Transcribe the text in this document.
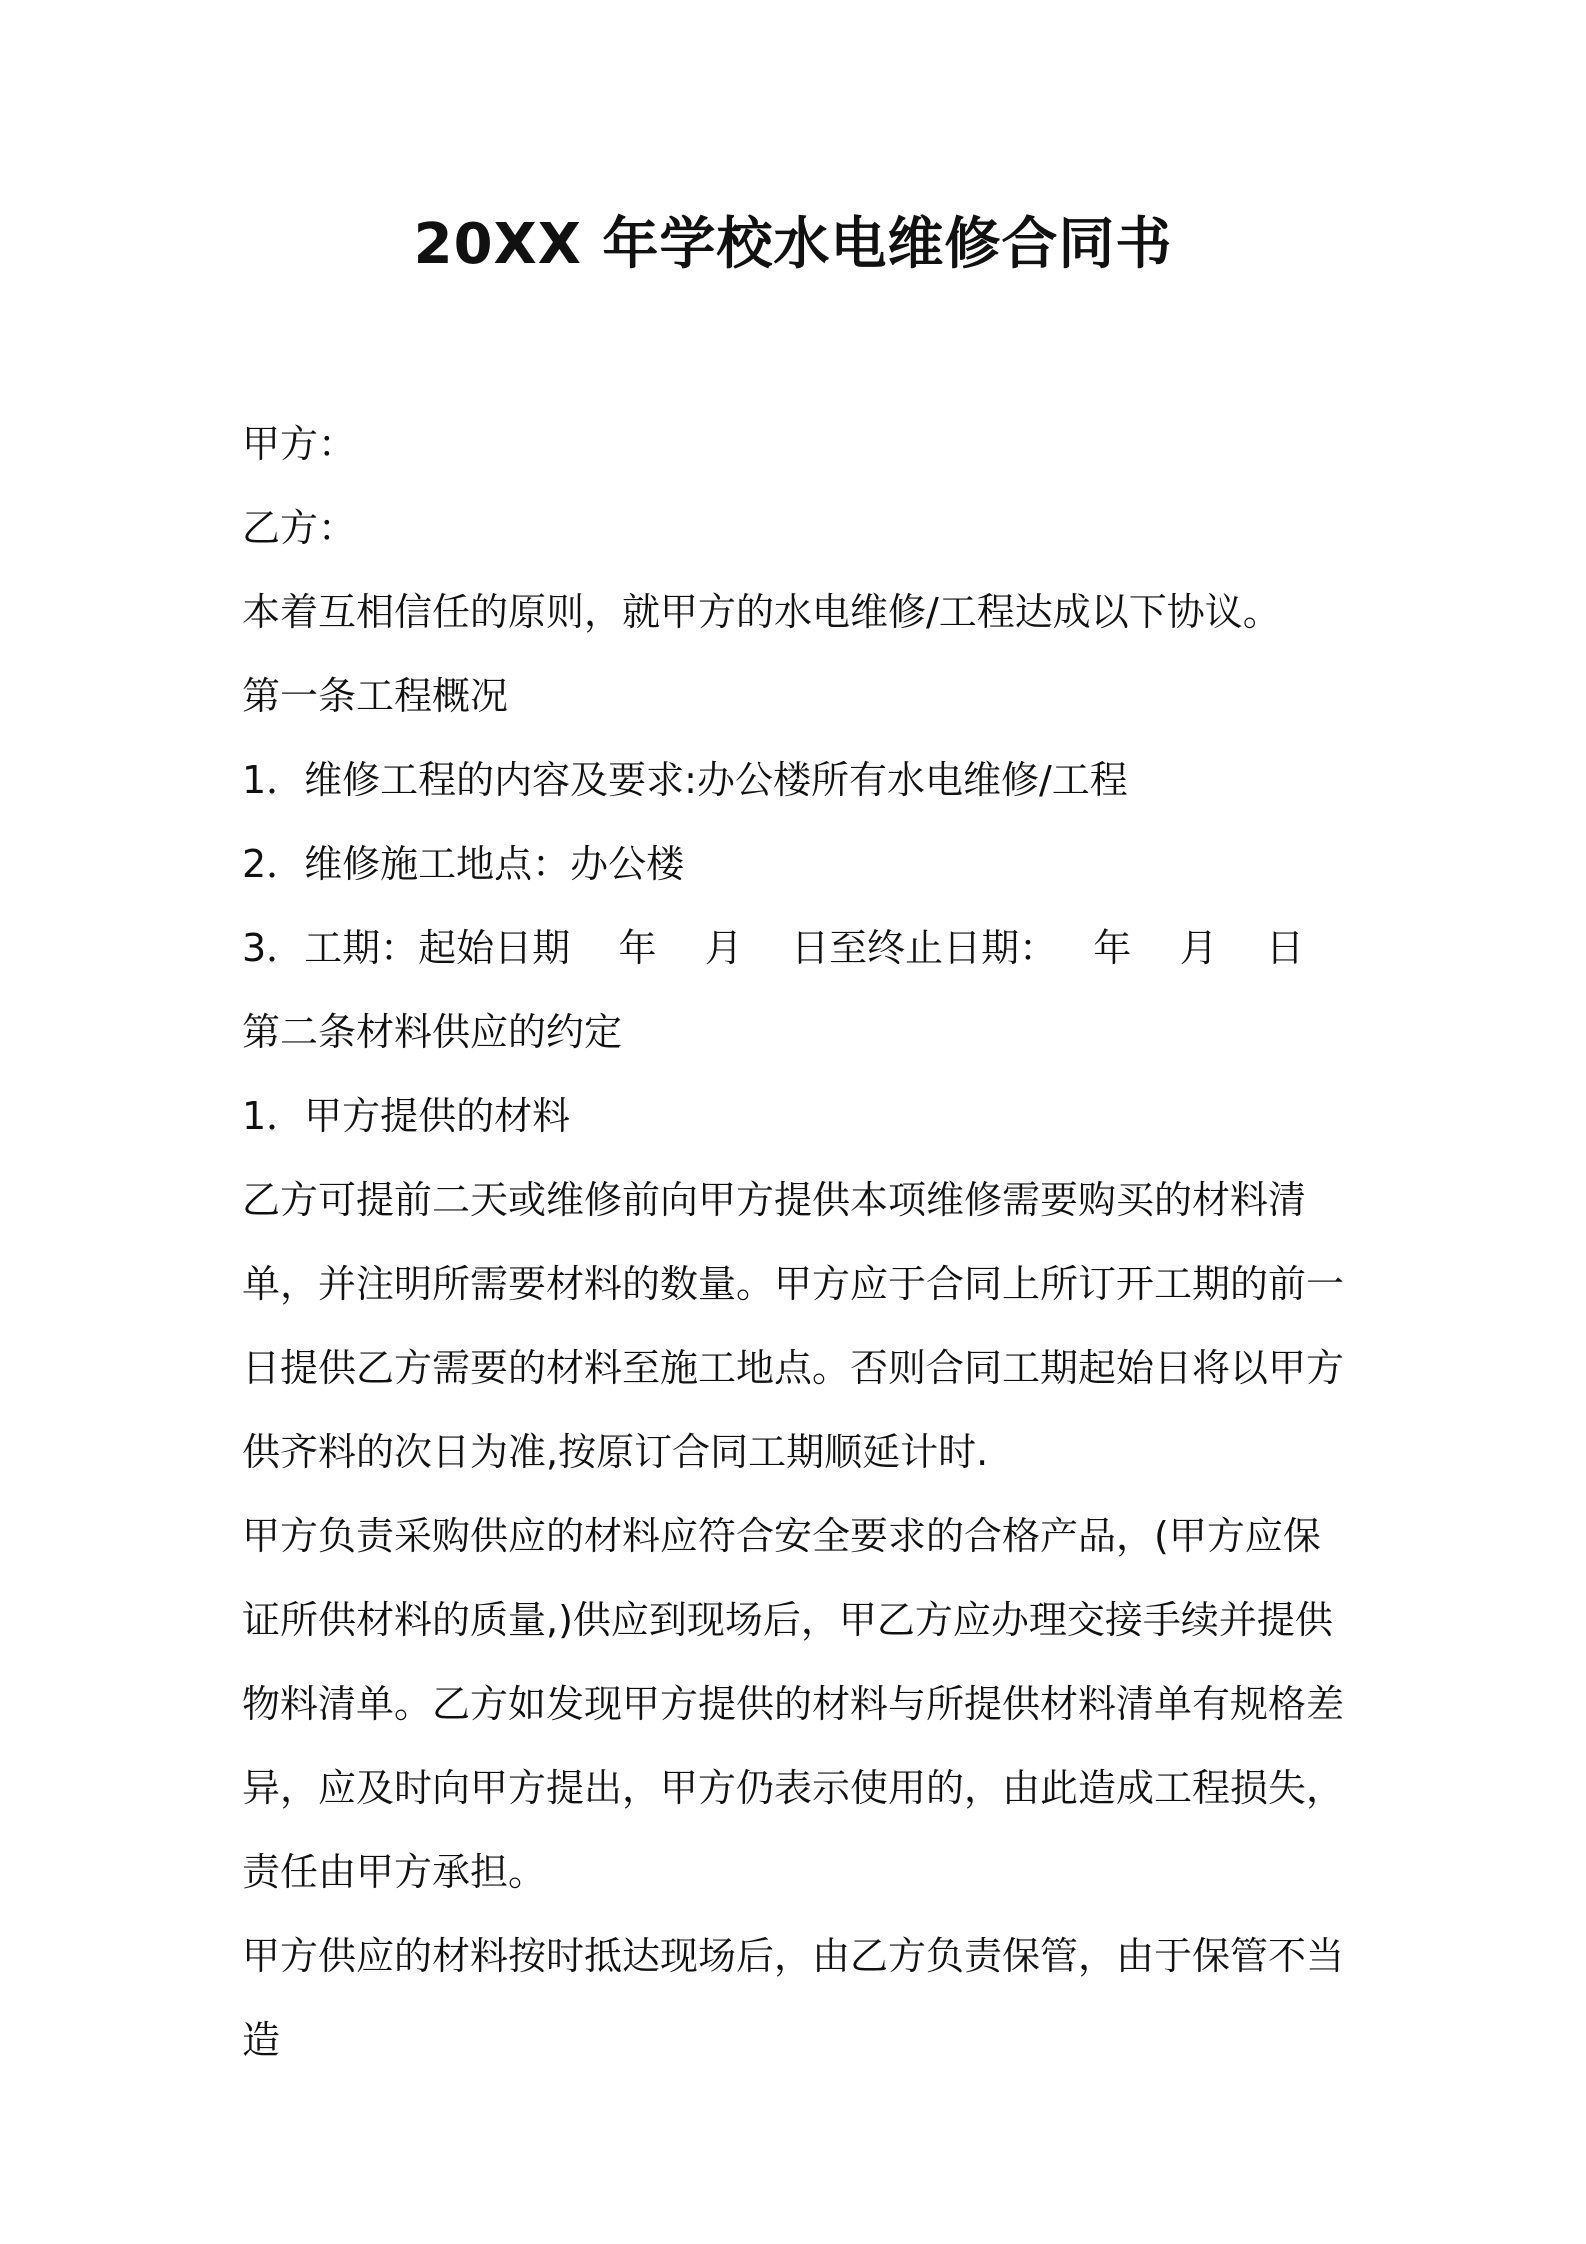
20XX 年学校水电维修合同书
甲方：
乙方：
本着互相信任的原则，就甲方的水电维修/工程达成以下协议。
第一条工程概况
1．维修工程的内容及要求:办公楼所有水电维修/工程
2．维修施工地点：办公楼
3．工期：起始日期    年    月    日至终止日期：   年    月    日
第二条材料供应的约定
1．甲方提供的材料
乙方可提前二天或维修前向甲方提供本项维修需要购买的材料清单，并注明所需要材料的数量。甲方应于合同上所订开工期的前一日提供乙方需要的材料至施工地点。否则合同工期起始日将以甲方供齐料的次日为准,按原订合同工期顺延计时.
甲方负责采购供应的材料应符合安全要求的合格产品，(甲方应保证所供材料的质量,)供应到现场后，甲乙方应办理交接手续并提供物料清单。乙方如发现甲方提供的材料与所提供材料清单有规格差异，应及时向甲方提出，甲方仍表示使用的，由此造成工程损失，责任由甲方承担。
甲方供应的材料按时抵达现场后，由乙方负责保管，由于保管不当造
